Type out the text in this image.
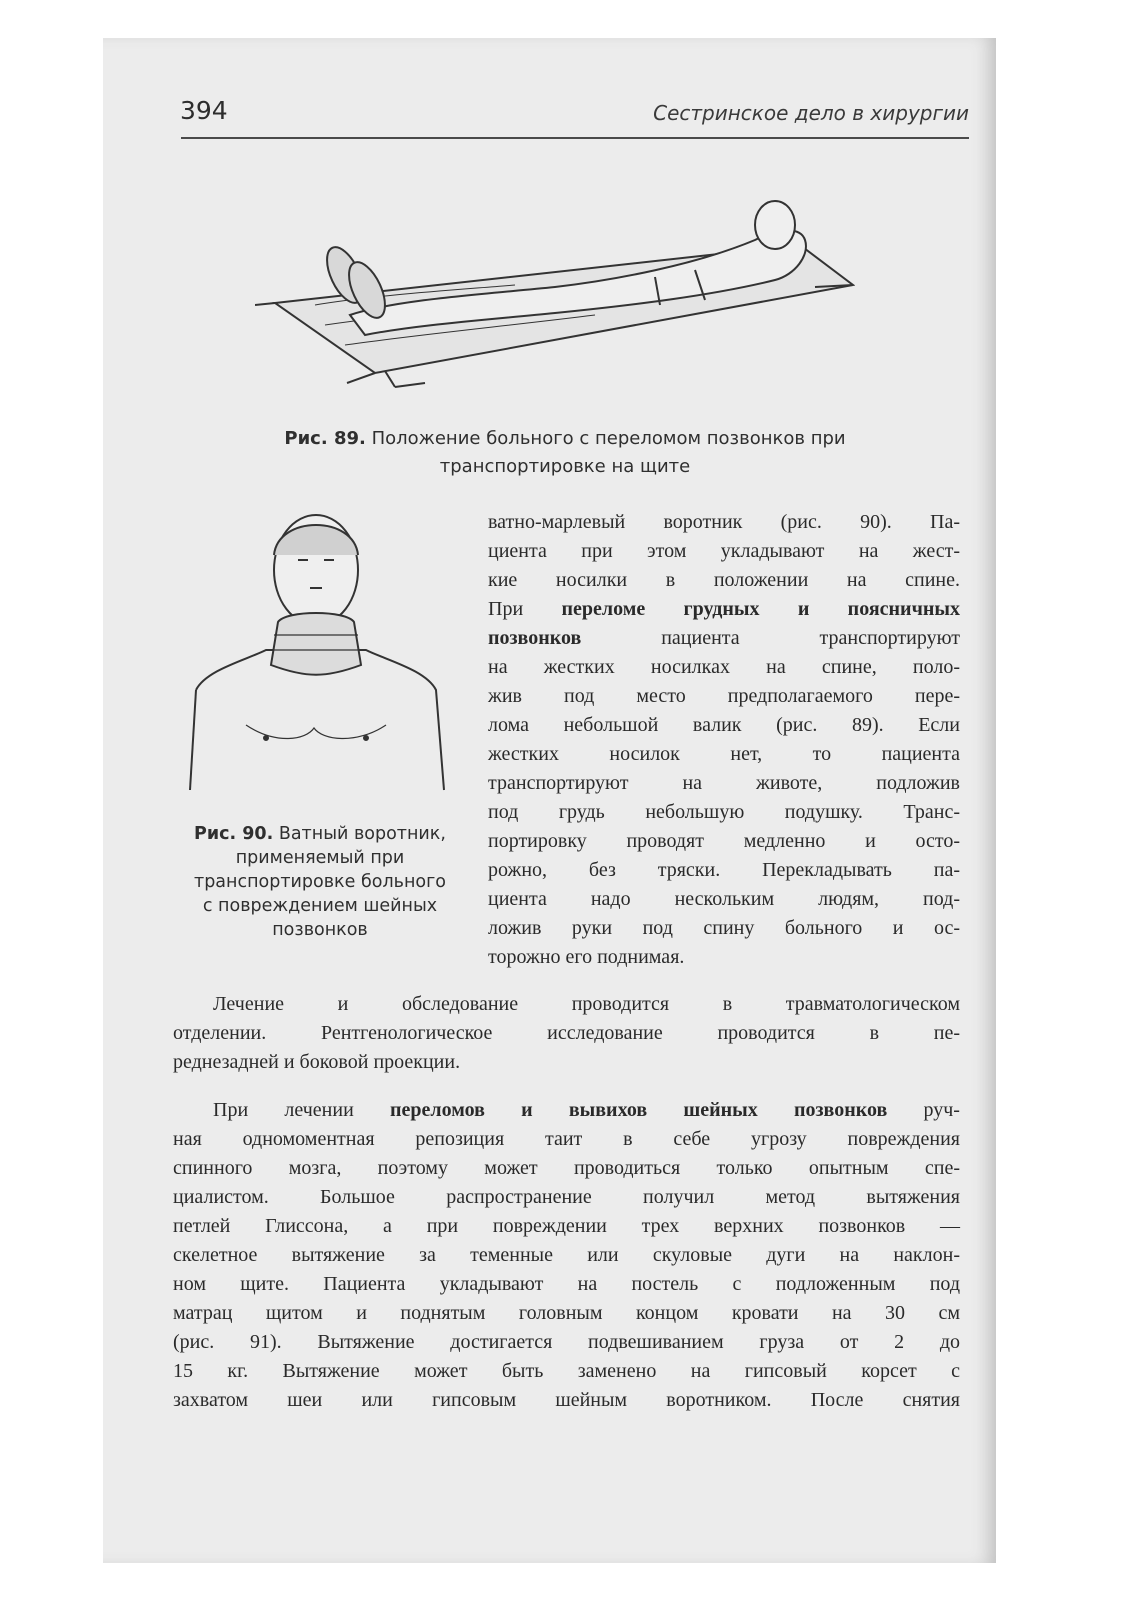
394	Сестринское дело в хирургии
Рис. 89. Положение больного с переломом позвонков при
транспортировке на щите
Рис. 90. Ватный воротник,
применяемый при
транспортировке больного
с повреждением шейных
позвонков
ватно-марлевый воротник (рис. 90). Па-
циента при этом укладывают на жест-
кие носилки в положении на спине.
При переломе грудных и поясничных
позвонков пациента транспортируют
на жестких носилках на спине, поло-
жив под место предполагаемого пере-
лома небольшой валик (рис. 89). Если
жестких носилок нет, то пациента
транспортируют на животе, подложив
под грудь небольшую подушку. Транс-
портировку проводят медленно и осто-
рожно, без тряски. Перекладывать па-
циента надо нескольким людям, под-
ложив руки под спину больного и ос-
торожно его поднимая.
Лечение и обследование проводится в травматологическом
отделении. Рентгенологическое исследование проводится в пе-
реднезадней и боковой проекции.
При лечении переломов и вывихов шейных позвонков руч-
ная одномоментная репозиция таит в себе угрозу повреждения
спинного мозга, поэтому может проводиться только опытным спе-
циалистом. Большое распространение получил метод вытяжения
петлей Глиссона, а при повреждении трех верхних позвонков —
скелетное вытяжение за теменные или скуловые дуги на наклон-
ном щите. Пациента укладывают на постель с подложенным под
матрац щитом и поднятым головным концом кровати на 30 см
(рис. 91). Вытяжение достигается подвешиванием груза от 2 до
15 кг. Вытяжение может быть заменено на гипсовый корсет с
захватом шеи или гипсовым шейным воротником. После снятия
